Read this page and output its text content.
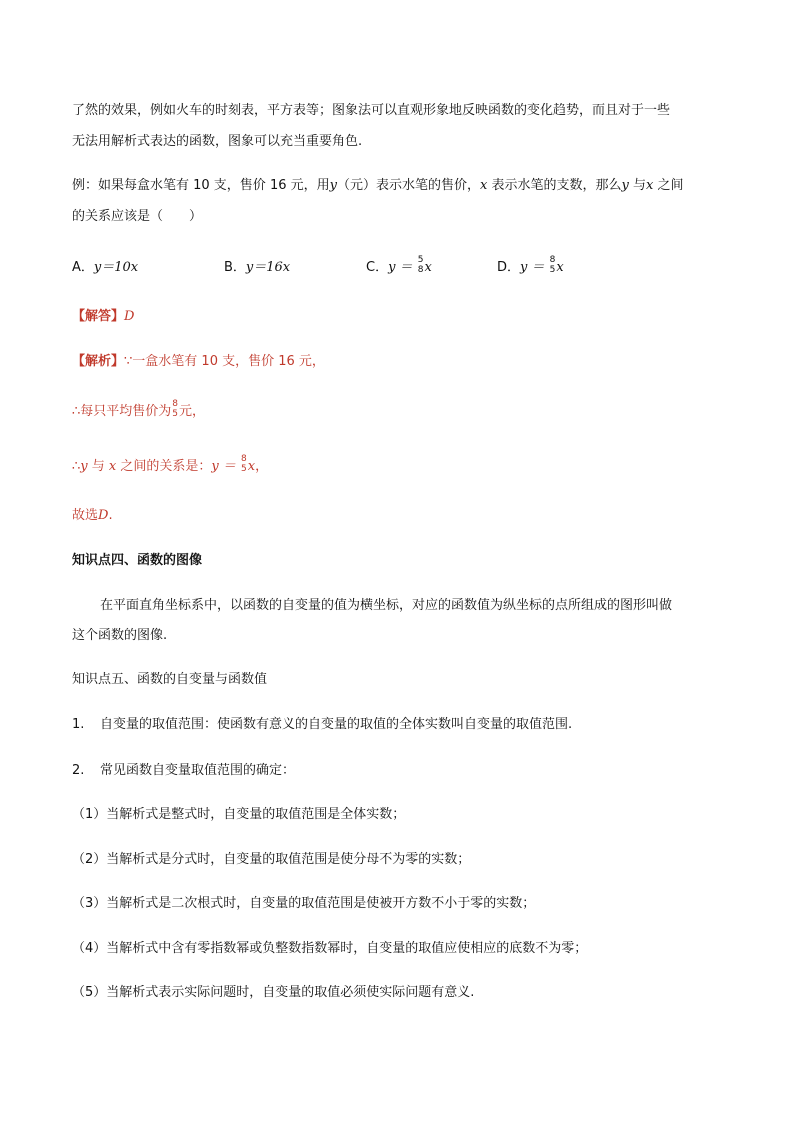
了然的效果，例如火车的时刻表，平方表等；图象法可以直观形象地反映函数的变化趋势，而且对于一些
无法用解析式表达的函数，图象可以充当重要角色.
例：如果每盒水笔有 10 支，售价 16 元，用y（元）表示水笔的售价，x 表示水笔的支数，那么y 与x 之间
的关系应该是（　　）
A．y＝10x	B．y＝16x	C．y ＝
5
8 x	D．y ＝
8
5 x
【解答】D
【解析】∵一盒水笔有 10 支，售价 16 元，
∴每只平均售价为
8
5 元，
∴y 与 x 之间的关系是：y ＝
8
5 x，
故选D.
知识点四、函数的图像
在平面直角坐标系中，以函数的自变量的值为横坐标，对应的函数值为纵坐标的点所组成的图形叫做
这个函数的图像.
知识点五、函数的自变量与函数值
1. 自变量的取值范围：使函数有意义的自变量的取值的全体实数叫自变量的取值范围.
2. 常见函数自变量取值范围的确定：
（1）当解析式是整式时，自变量的取值范围是全体实数；
（2）当解析式是分式时，自变量的取值范围是使分母不为零的实数；
（3）当解析式是二次根式时，自变量的取值范围是使被开方数不小于零的实数；
（4）当解析式中含有零指数幂或负整数指数幂时，自变量的取值应使相应的底数不为零；
（5）当解析式表示实际问题时，自变量的取值必须使实际问题有意义.
